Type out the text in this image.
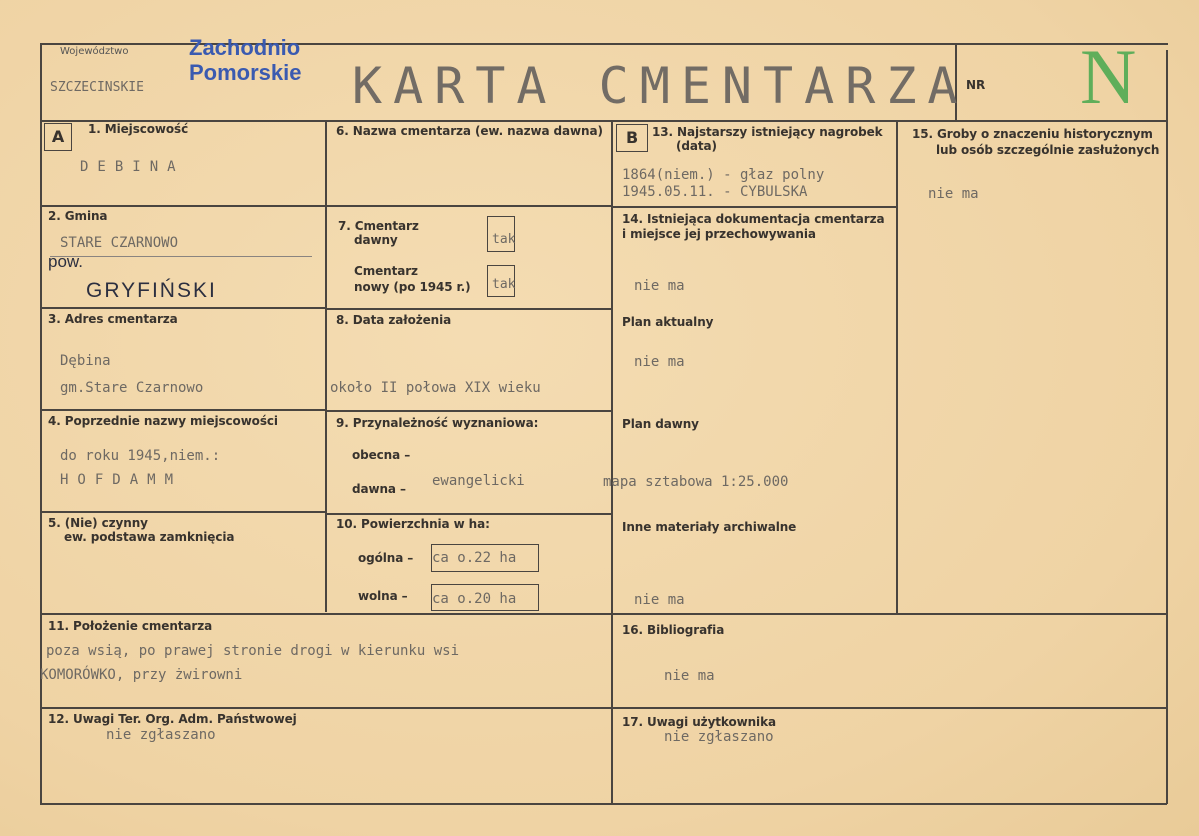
Województwo
SZCZECINSKIE
Zachodnio
Pomorskie KARTA CMENTARZA
NR N
A	B
1. Miejscowość
DEBINA
2. Gmina
STARE CZARNOWO
pow.
GRYFIŃSKI
3. Adres cmentarza
Dębina
gm.Stare Czarnowo
4. Poprzednie nazwy miejscowości
do roku 1945,niem.:
HOFDAMM
5. (Nie) czynny
ew. podstawa zamknięcia
6. Nazwa cmentarza (ew. nazwa dawna)
7. Cmentarz
dawny	tak
Cmentarz
nowy (po 1945 r.) tak
8. Data założenia
około II połowa XIX wieku
9. Przynależność wyznaniowa:
obecna –
dawna – ewangelicki
10. Powierzchnia w ha:
ogólna – ca o.22 ha
wolna – ca o.20 ha
13. Najstarszy istniejący nagrobek
(data)
1864(niem.) - głaz polny
1945.05.11. - CYBULSKA
14. Istniejąca dokumentacja cmentarza
i miejsce jej przechowywania
nie ma
Plan aktualny
nie ma
Plan dawny
mapa sztabowa 1:25.000
Inne materiały archiwalne
nie ma
15. Groby o znaczeniu historycznym
lub osób szczególnie zasłużonych
nie ma
11. Położenie cmentarza
poza wsią, po prawej stronie drogi w kierunku wsi
KOMORÓWKO, przy żwirowni
16. Bibliografia
nie ma
12. Uwagi Ter. Org. Adm. Państwowej
nie zgłaszano
17. Uwagi użytkownika
nie zgłaszano
